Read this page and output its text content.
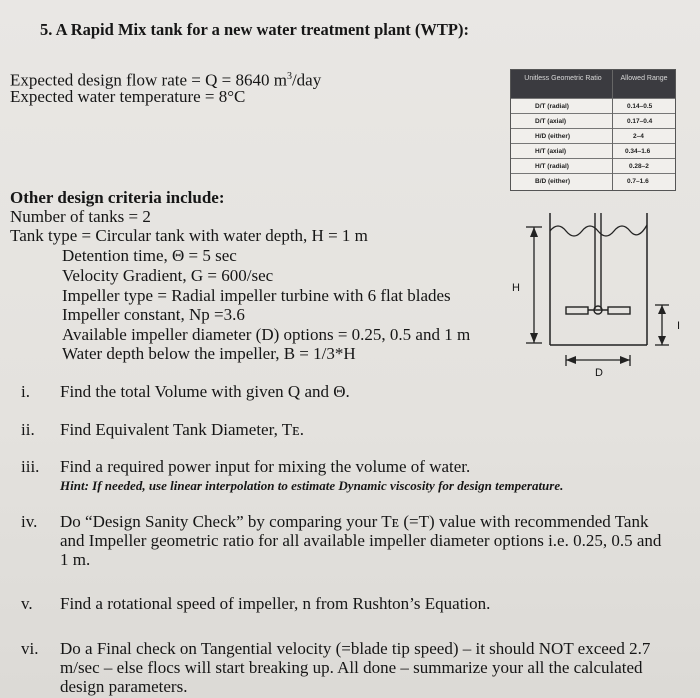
5. A Rapid Mix tank for a new water treatment plant (WTP):
Expected design flow rate = Q = 8640 $m^3$/day
Expected water temperature = 8°C
Unitless Geometric Ratio	Allowed Range
D/T (radial)	0.14–0.5
D/T (axial)	0.17–0.4
H/D (either)	2–4
H/T (axial)	0.34–1.6
H/T (radial)	0.28–2
B/D (either)	0.7–1.6
Other design criteria include:
Number of tanks = 2
Tank type = Circular tank with water depth, H = 1 m
Detention time, Θ = 5 sec
Velocity Gradient, G = 600/sec
Impeller type = Radial impeller turbine with 6 flat blades
Impeller constant, Np =3.6
Available impeller diameter (D) options = 0.25, 0.5 and 1 m
Water depth below the impeller, B = 1/3*H
H
D
I
i. Find the total Volume with given Q and Θ.
ii. Find Equivalent Tank Diameter, Tᴇ.
iii. Find a required power input for mixing the volume of water.
Hint: If needed, use linear interpolation to estimate Dynamic viscosity for design temperature.
iv. Do “Design Sanity Check” by comparing your Tᴇ (=T) value with recommended Tank
and Impeller geometric ratio for all available impeller diameter options i.e. 0.25, 0.5 and
1 m.
v. Find a rotational speed of impeller, n from Rushton’s Equation.
vi. Do a Final check on Tangential velocity (=blade tip speed) – it should NOT exceed 2.7
m/sec – else flocs will start breaking up. All done – summarize your all the calculated
design parameters.
